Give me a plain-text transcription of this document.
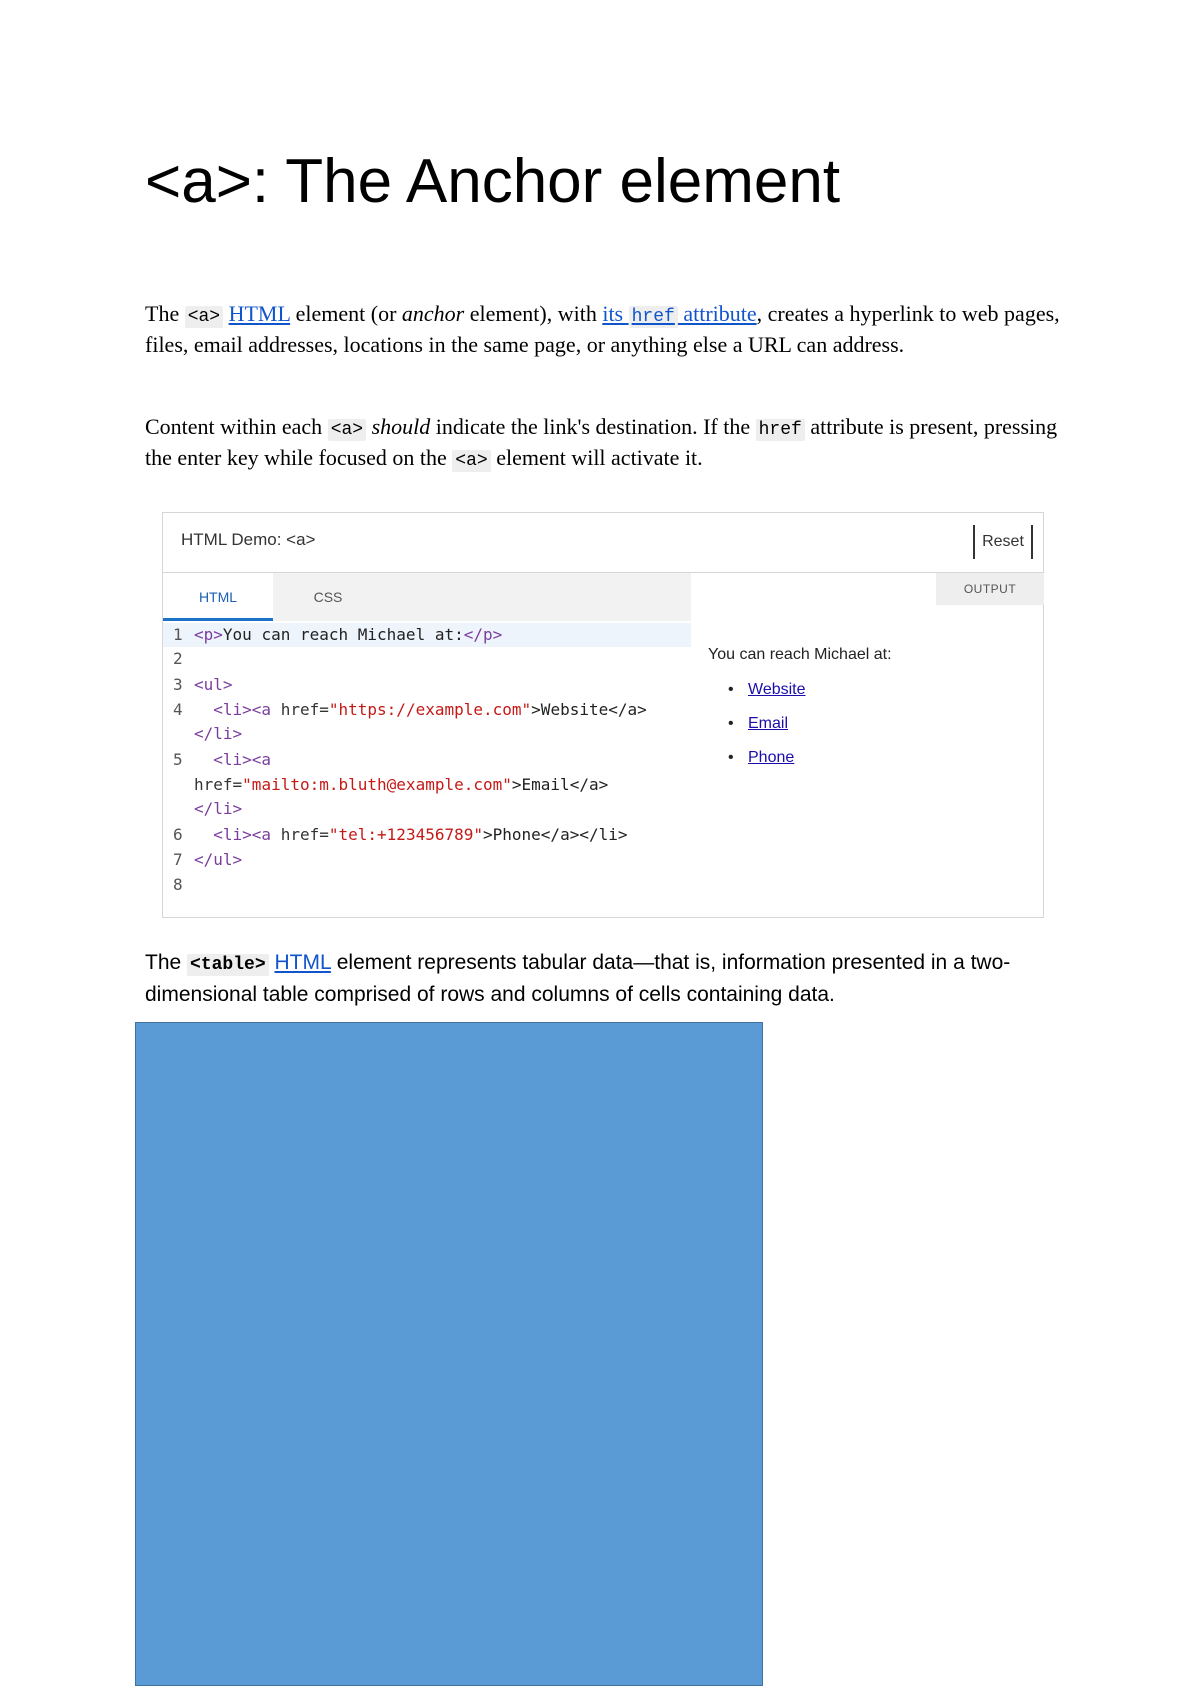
<a>: The Anchor element

The <a> HTML element (or anchor element), with its href attribute, creates a hyperlink to web pages, files, email addresses, locations in the same page, or anything else a URL can address.

Content within each <a> should indicate the link's destination. If the href attribute is present, pressing the enter key while focused on the <a> element will activate it.

HTML Demo: <a>	Reset
HTML	CSS	OUTPUT
1 <p>You can reach Michael at:</p>
2
3 <ul>
4 <li><a href="https://example.com">Website</a>
</li>
5 <li><a
href="mailto:m.bluth@example.com">Email</a>
</li>
6 <li><a href="tel:+123456789">Phone</a></li>
7 </ul>
8
You can reach Michael at:
• Website
• Email
• Phone

The <table> HTML element represents tabular data—that is, information presented in a two-dimensional table comprised of rows and columns of cells containing data.
